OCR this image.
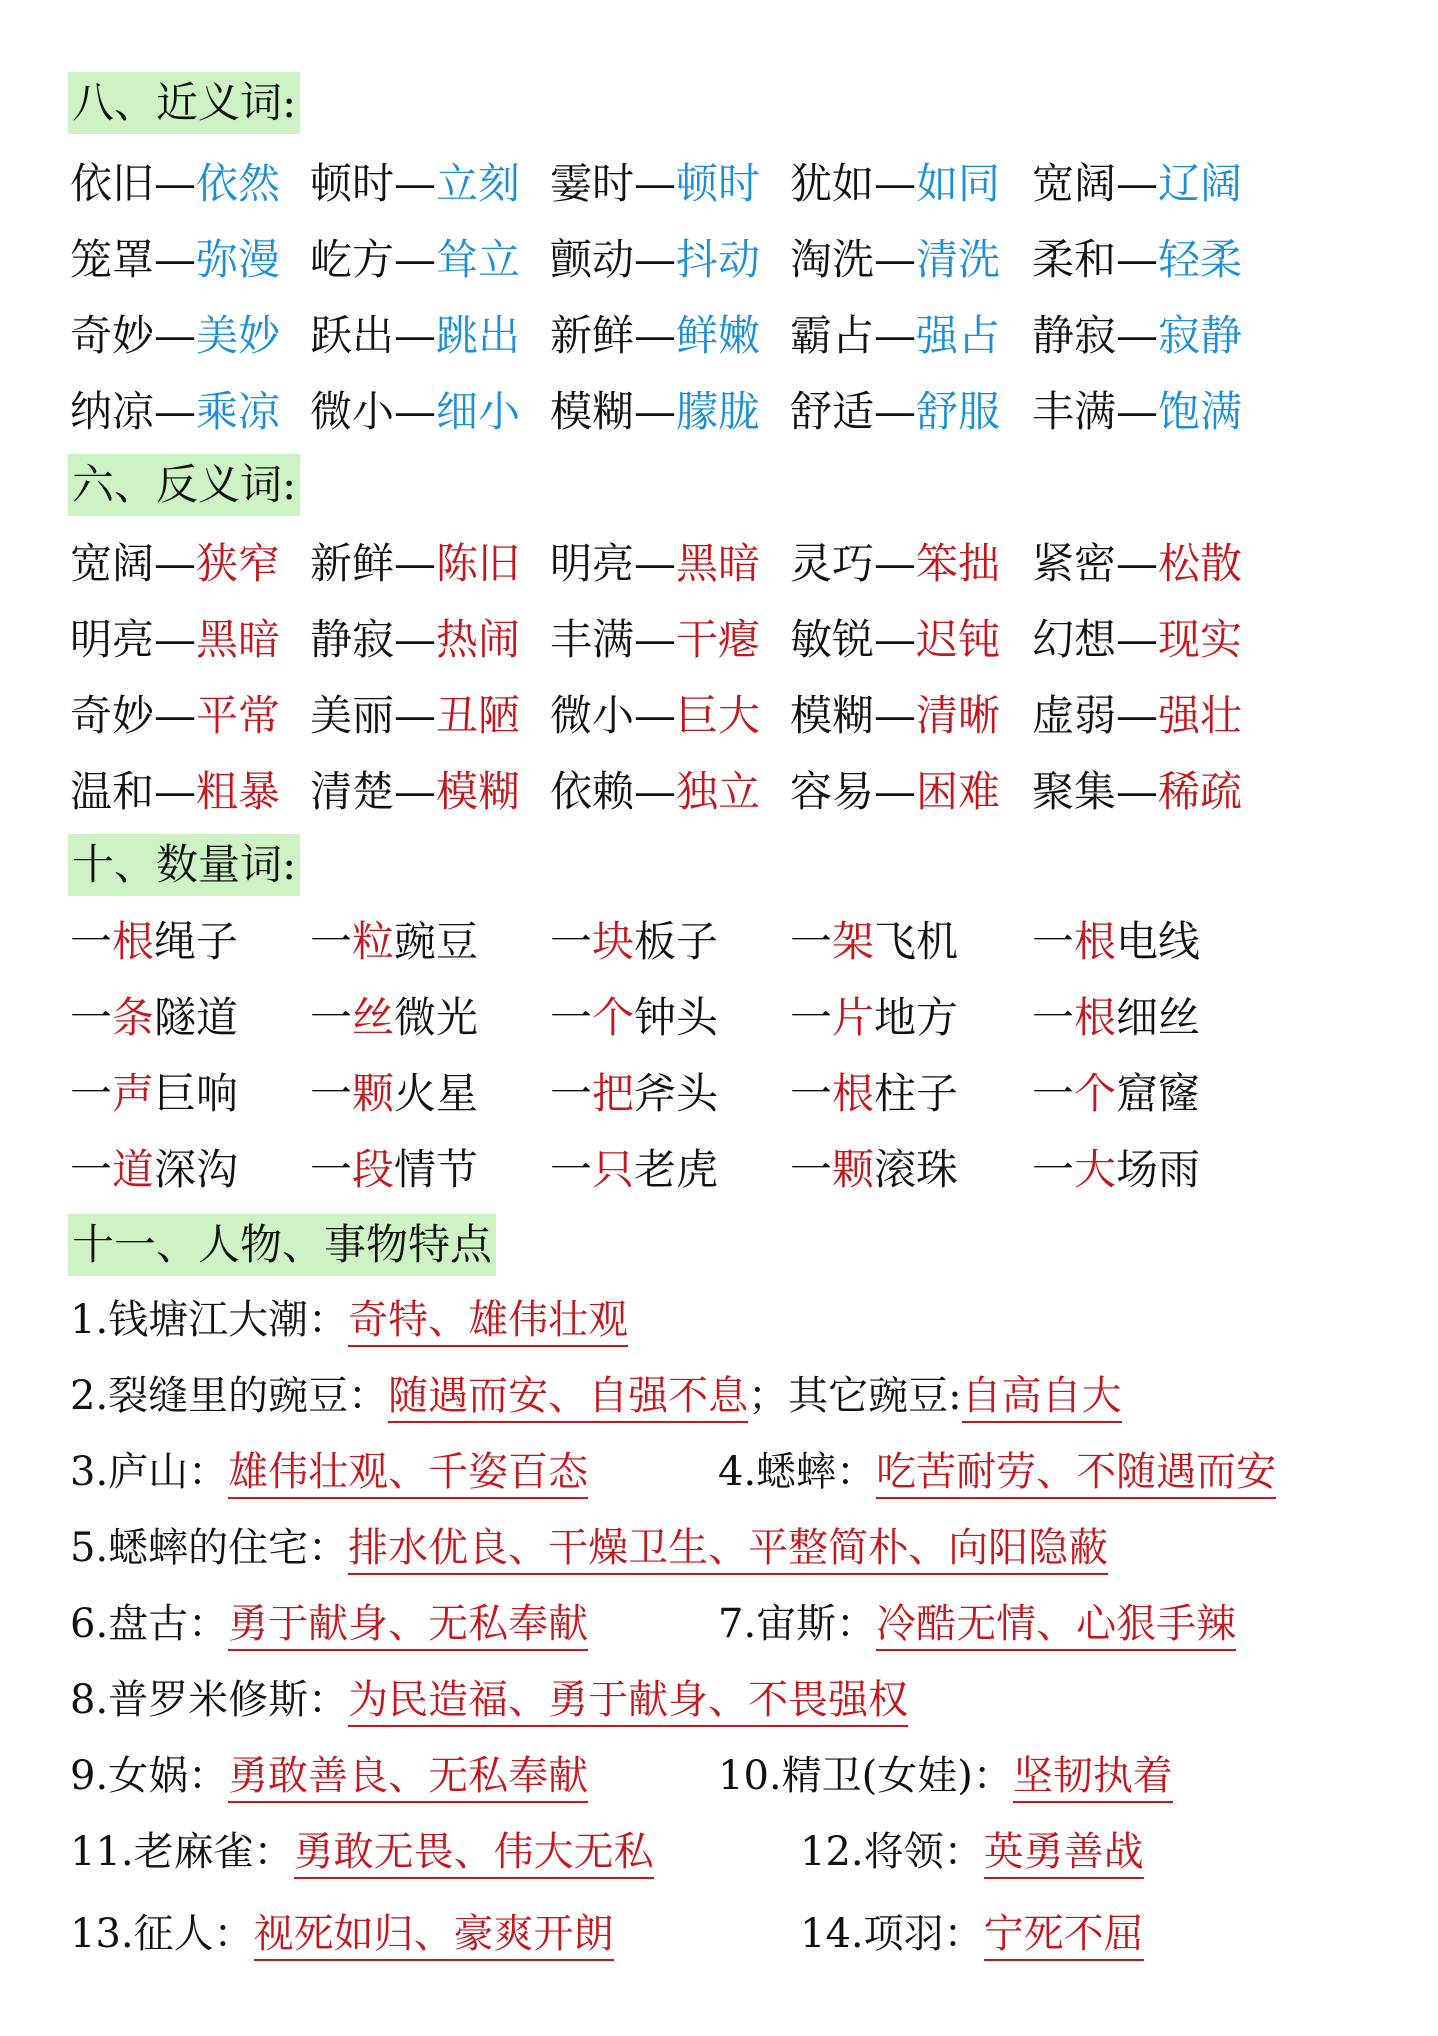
八、近义词:
依旧—依然 顿时—立刻 霎时—顿时 犹如—如同 宽阔—辽阔
笼罩—弥漫 屹方—耸立 颤动—抖动 淘洗—清洗 柔和—轻柔
奇妙—美妙 跃出—跳出 新鲜—鲜嫩 霸占—强占 静寂—寂静
纳凉—乘凉 微小—细小 模糊—朦胧 舒适—舒服 丰满—饱满
六、反义词:
宽阔—狭窄 新鲜—陈旧 明亮—黑暗 灵巧—笨拙 紧密—松散
明亮—黑暗 静寂—热闹 丰满—干瘪 敏锐—迟钝 幻想—现实
奇妙—平常 美丽—丑陋 微小—巨大 模糊—清晰 虚弱—强壮
温和—粗暴 清楚—模糊 依赖—独立 容易—困难 聚集—稀疏
十、数量词:
一根绳子 一粒豌豆 一块板子 一架飞机 一根电线
一条隧道 一丝微光 一个钟头 一片地方 一根细丝
一声巨响 一颗火星 一把斧头 一根柱子 一个窟窿
一道深沟 一段情节 一只老虎 一颗滚珠 一大场雨
十一、人物、事物特点
1.钱塘江大潮：奇特、雄伟壮观
2.裂缝里的豌豆：随遇而安、自强不息；其它豌豆:自高自大
3.庐山：雄伟壮观、千姿百态	4.蟋蟀：吃苦耐劳、不随遇而安
5.蟋蟀的住宅：排水优良、干燥卫生、平整简朴、向阳隐蔽
6.盘古：勇于献身、无私奉献	7.宙斯：冷酷无情、心狠手辣
8.普罗米修斯：为民造福、勇于献身、不畏强权
9.女娲：勇敢善良、无私奉献	10.精卫(女娃)：坚韧执着
11.老麻雀：勇敢无畏、伟大无私	12.将领：英勇善战
13.征人：视死如归、豪爽开朗	14.项羽：宁死不屈
